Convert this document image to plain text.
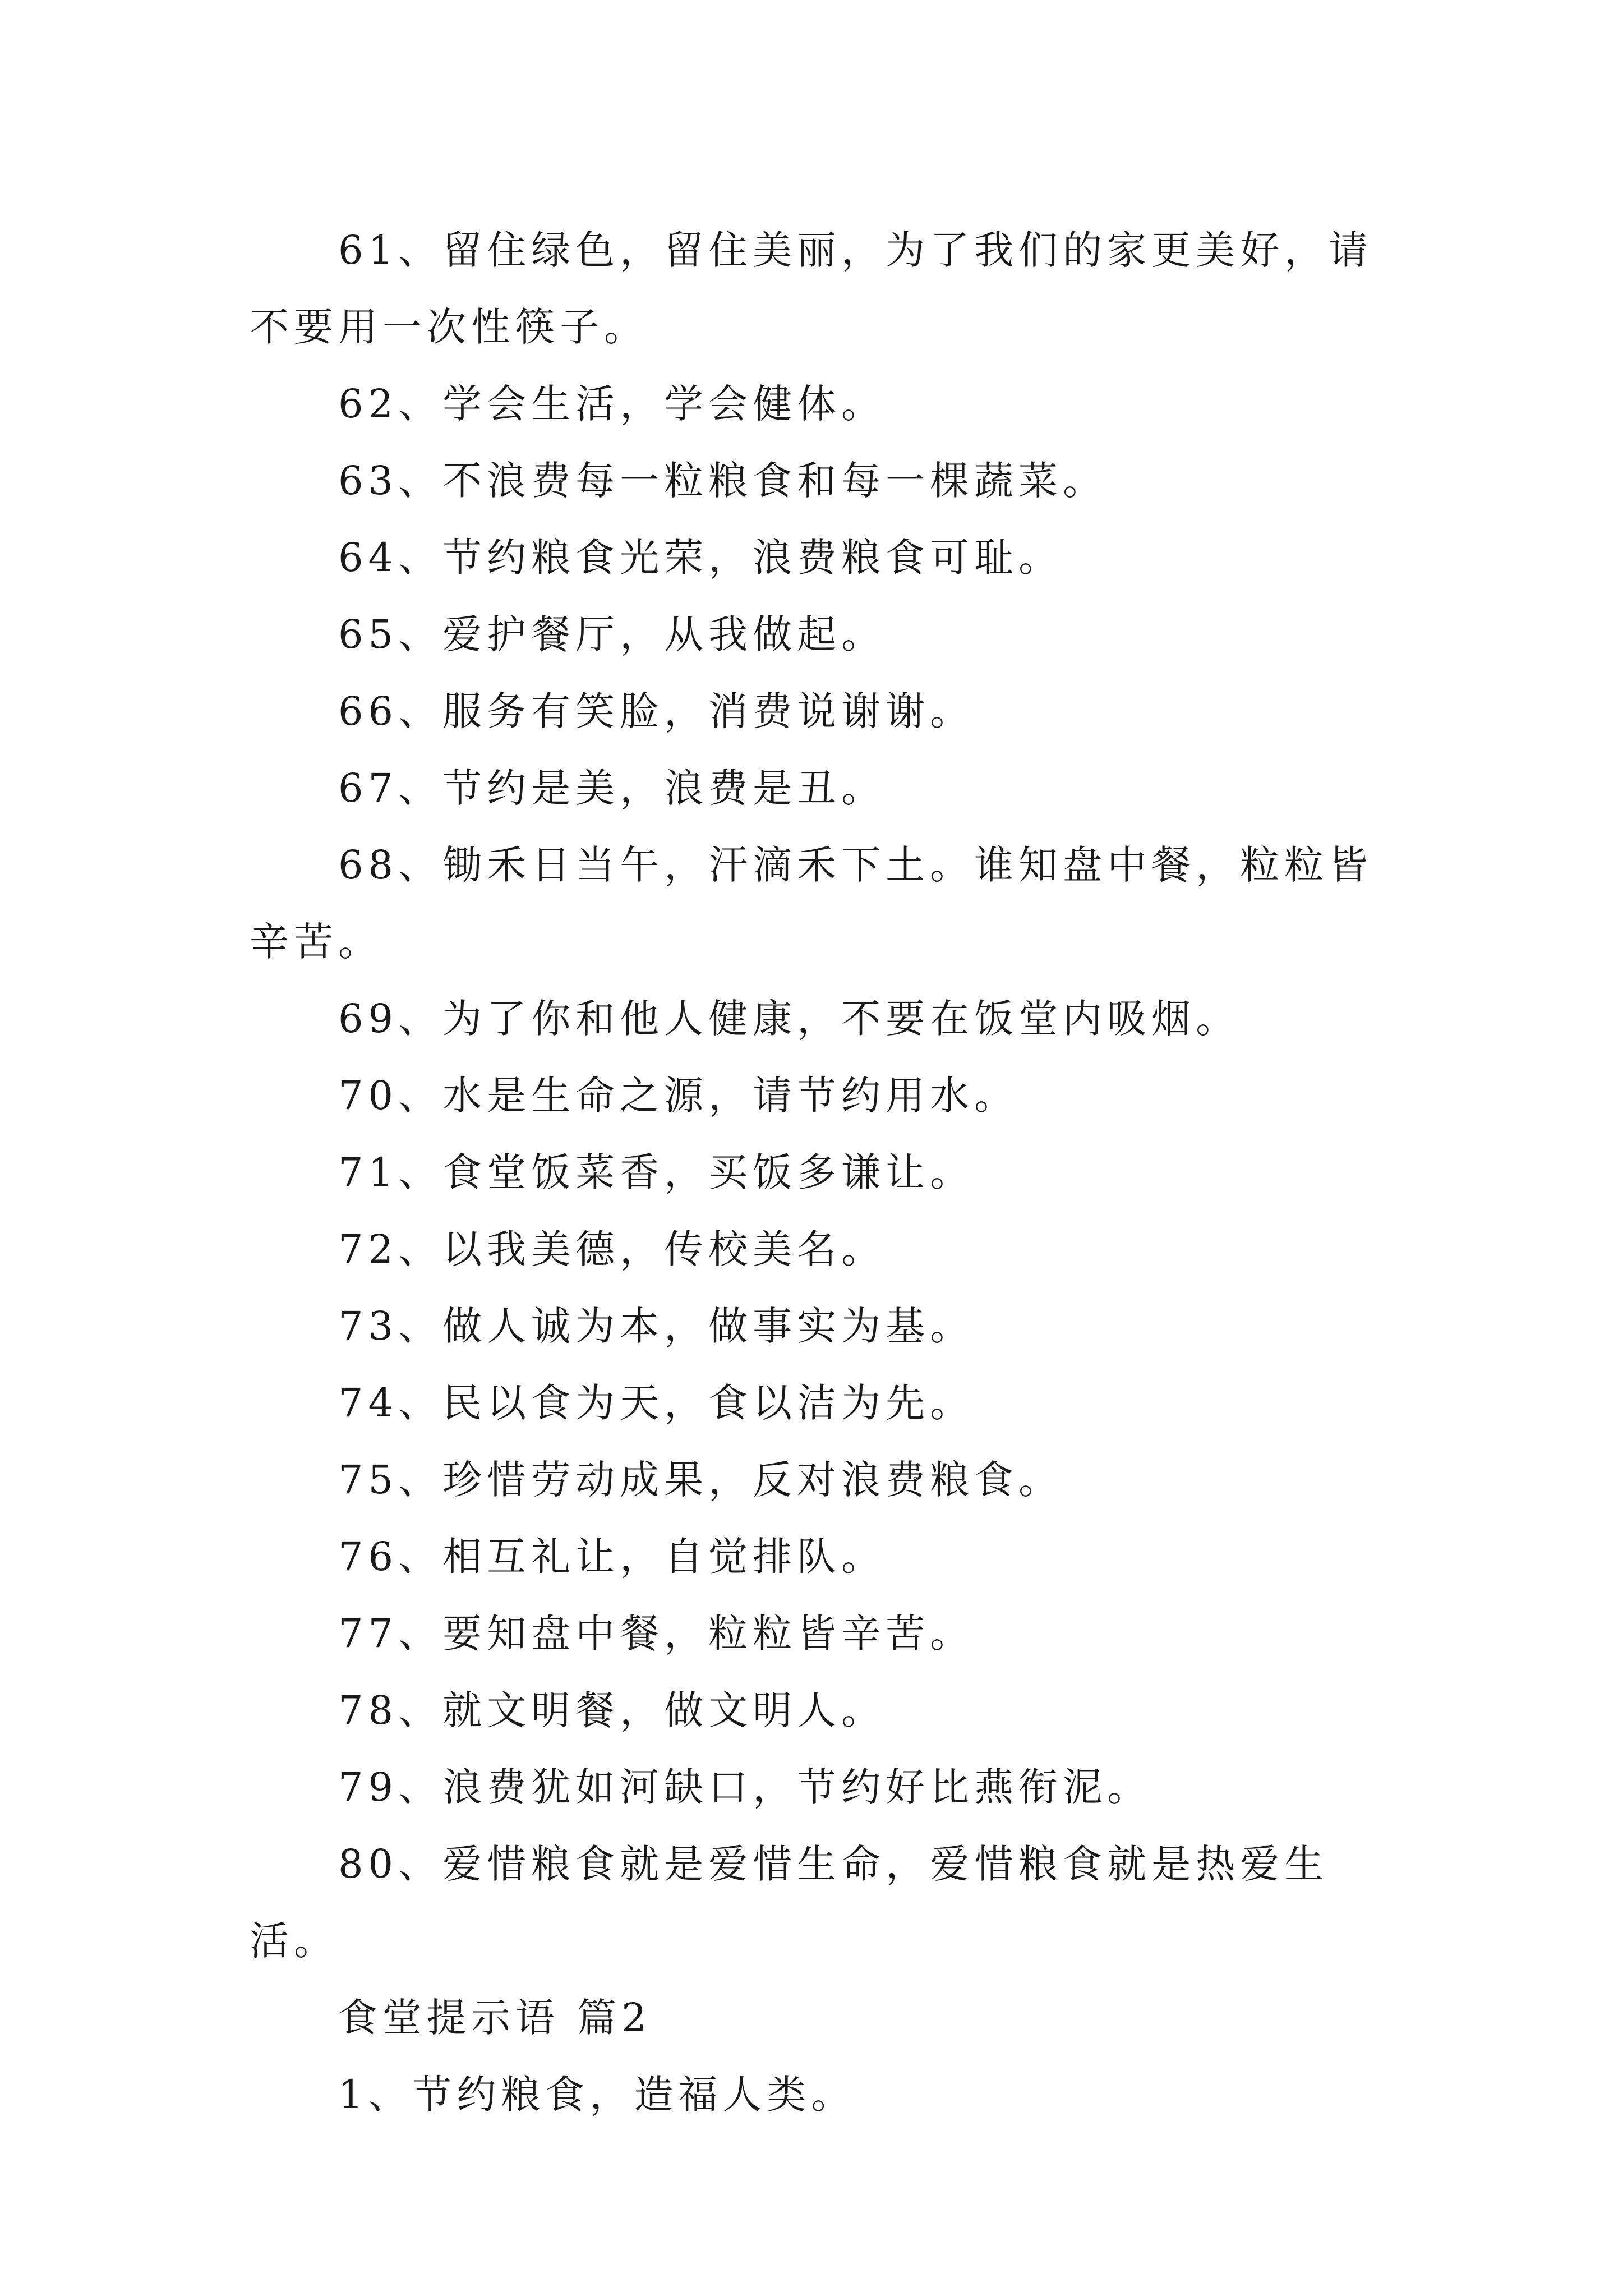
61、留住绿色，留住美丽，为了我们的家更美好，请不要用一次性筷子。

62、学会生活，学会健体。

63、不浪费每一粒粮食和每一棵蔬菜。

64、节约粮食光荣，浪费粮食可耻。

65、爱护餐厅，从我做起。

66、服务有笑脸，消费说谢谢。

67、节约是美，浪费是丑。

68、锄禾日当午，汗滴禾下土。谁知盘中餐，粒粒皆辛苦。

69、为了你和他人健康，不要在饭堂内吸烟。

70、水是生命之源，请节约用水。

71、食堂饭菜香，买饭多谦让。

72、以我美德，传校美名。

73、做人诚为本，做事实为基。

74、民以食为天，食以洁为先。

75、珍惜劳动成果，反对浪费粮食。

76、相互礼让，自觉排队。

77、要知盘中餐，粒粒皆辛苦。

78、就文明餐，做文明人。

79、浪费犹如河缺口，节约好比燕衔泥。

80、爱惜粮食就是爱惜生命，爱惜粮食就是热爱生活。

食堂提示语 篇2

1、节约粮食，造福人类。
